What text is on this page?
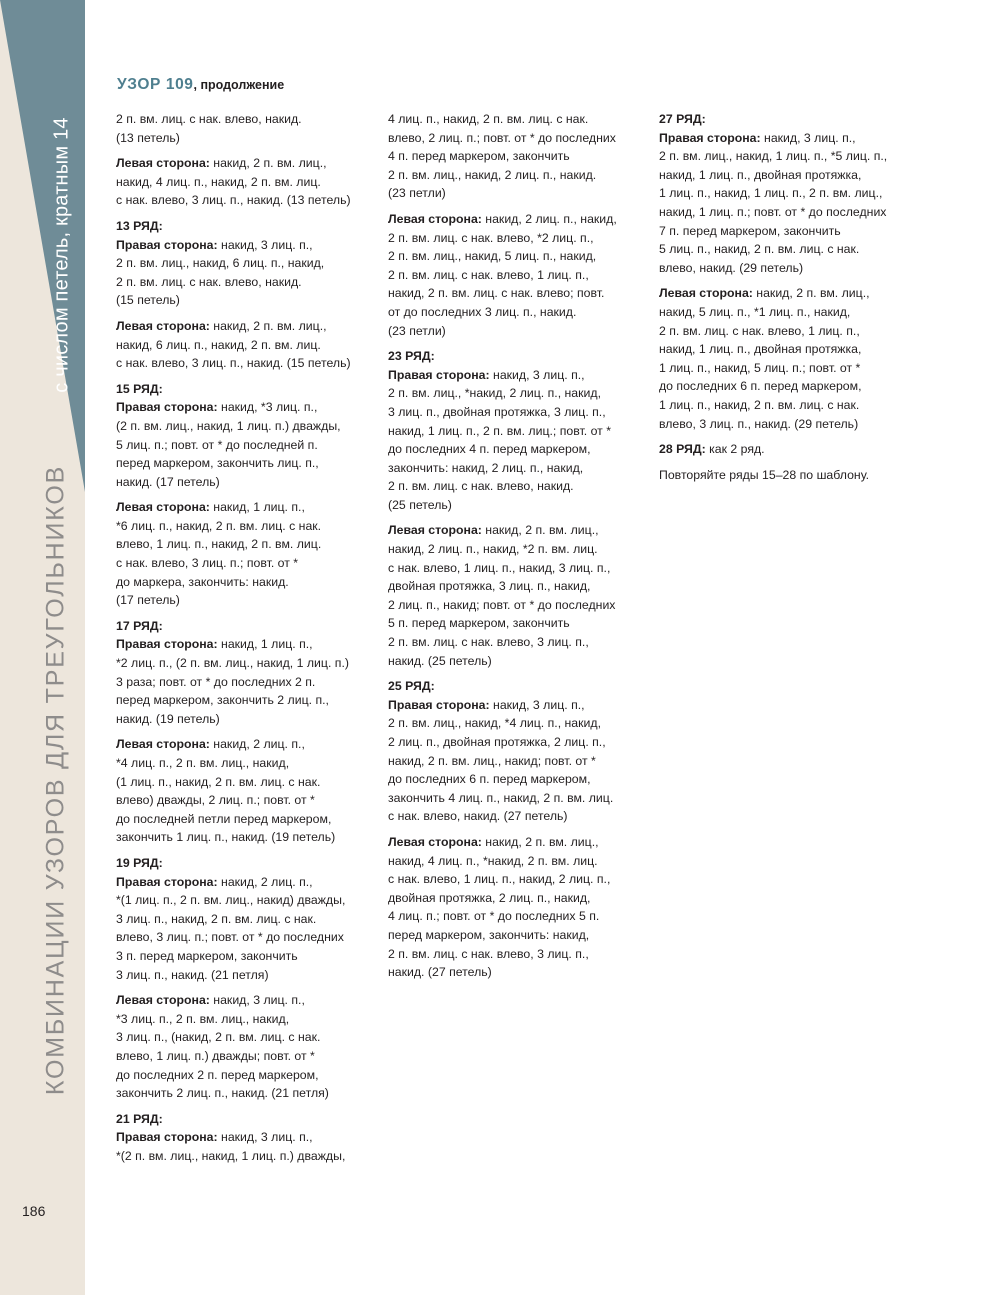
с числом петель, кратным 14
КОМБИНАЦИИ УЗОРОВ ДЛЯ ТРЕУГОЛЬНИКОВ
186
УЗОР 109, продолжение
2 п. вм. лиц. с нак. влево, накид.
(13 петель)
Левая сторона: накид, 2 п. вм. лиц.,
накид, 4 лиц. п., накид, 2 п. вм. лиц.
с нак. влево, 3 лиц. п., накид. (13 петель)
13 РЯД:
Правая сторона: накид, 3 лиц. п.,
2 п. вм. лиц., накид, 6 лиц. п., накид,
2 п. вм. лиц. с нак. влево, накид.
(15 петель)
Левая сторона: накид, 2 п. вм. лиц.,
накид, 6 лиц. п., накид, 2 п. вм. лиц.
с нак. влево, 3 лиц. п., накид. (15 петель)
15 РЯД:
Правая сторона: накид, *3 лиц. п.,
(2 п. вм. лиц., накид, 1 лиц. п.) дважды,
5 лиц. п.; повт. от * до последней п.
перед маркером, закончить лиц. п.,
накид. (17 петель)
Левая сторона: накид, 1 лиц. п.,
*6 лиц. п., накид, 2 п. вм. лиц. с нак.
влево, 1 лиц. п., накид, 2 п. вм. лиц.
с нак. влево, 3 лиц. п.; повт. от *
до маркера, закончить: накид.
(17 петель)
17 РЯД:
Правая сторона: накид, 1 лиц. п.,
*2 лиц. п., (2 п. вм. лиц., накид, 1 лиц. п.)
3 раза; повт. от * до последних 2 п.
перед маркером, закончить 2 лиц. п.,
накид. (19 петель)
Левая сторона: накид, 2 лиц. п.,
*4 лиц. п., 2 п. вм. лиц., накид,
(1 лиц. п., накид, 2 п. вм. лиц. с нак.
влево) дважды, 2 лиц. п.; повт. от *
до последней петли перед маркером,
закончить 1 лиц. п., накид. (19 петель)
19 РЯД:
Правая сторона: накид, 2 лиц. п.,
*(1 лиц. п., 2 п. вм. лиц., накид) дважды,
3 лиц. п., накид, 2 п. вм. лиц. с нак.
влево, 3 лиц. п.; повт. от * до последних
3 п. перед маркером, закончить
3 лиц. п., накид. (21 петля)
Левая сторона: накид, 3 лиц. п.,
*3 лиц. п., 2 п. вм. лиц., накид,
3 лиц. п., (накид, 2 п. вм. лиц. с нак.
влево, 1 лиц. п.) дважды; повт. от *
до последних 2 п. перед маркером,
закончить 2 лиц. п., накид. (21 петля)
21 РЯД:
Правая сторона: накид, 3 лиц. п.,
*(2 п. вм. лиц., накид, 1 лиц. п.) дважды,
4 лиц. п., накид, 2 п. вм. лиц. с нак.
влево, 2 лиц. п.; повт. от * до последних
4 п. перед маркером, закончить
2 п. вм. лиц., накид, 2 лиц. п., накид.
(23 петли)
Левая сторона: накид, 2 лиц. п., накид,
2 п. вм. лиц. с нак. влево, *2 лиц. п.,
2 п. вм. лиц., накид, 5 лиц. п., накид,
2 п. вм. лиц. с нак. влево, 1 лиц. п.,
накид, 2 п. вм. лиц. с нак. влево; повт.
от до последних 3 лиц. п., накид.
(23 петли)
23 РЯД:
Правая сторона: накид, 3 лиц. п.,
2 п. вм. лиц., *накид, 2 лиц. п., накид,
3 лиц. п., двойная протяжка, 3 лиц. п.,
накид, 1 лиц. п., 2 п. вм. лиц.; повт. от *
до последних 4 п. перед маркером,
закончить: накид, 2 лиц. п., накид,
2 п. вм. лиц. с нак. влево, накид.
(25 петель)
Левая сторона: накид, 2 п. вм. лиц.,
накид, 2 лиц. п., накид, *2 п. вм. лиц.
с нак. влево, 1 лиц. п., накид, 3 лиц. п.,
двойная протяжка, 3 лиц. п., накид,
2 лиц. п., накид; повт. от * до последних
5 п. перед маркером, закончить
2 п. вм. лиц. с нак. влево, 3 лиц. п.,
накид. (25 петель)
25 РЯД:
Правая сторона: накид, 3 лиц. п.,
2 п. вм. лиц., накид, *4 лиц. п., накид,
2 лиц. п., двойная протяжка, 2 лиц. п.,
накид, 2 п. вм. лиц., накид; повт. от *
до последних 6 п. перед маркером,
закончить 4 лиц. п., накид, 2 п. вм. лиц.
с нак. влево, накид. (27 петель)
Левая сторона: накид, 2 п. вм. лиц.,
накид, 4 лиц. п., *накид, 2 п. вм. лиц.
с нак. влево, 1 лиц. п., накид, 2 лиц. п.,
двойная протяжка, 2 лиц. п., накид,
4 лиц. п.; повт. от * до последних 5 п.
перед маркером, закончить: накид,
2 п. вм. лиц. с нак. влево, 3 лиц. п.,
накид. (27 петель)
27 РЯД:
Правая сторона: накид, 3 лиц. п.,
2 п. вм. лиц., накид, 1 лиц. п., *5 лиц. п.,
накид, 1 лиц. п., двойная протяжка,
1 лиц. п., накид, 1 лиц. п., 2 п. вм. лиц.,
накид, 1 лиц. п.; повт. от * до последних
7 п. перед маркером, закончить
5 лиц. п., накид, 2 п. вм. лиц. с нак.
влево, накид. (29 петель)
Левая сторона: накид, 2 п. вм. лиц.,
накид, 5 лиц. п., *1 лиц. п., накид,
2 п. вм. лиц. с нак. влево, 1 лиц. п.,
накид, 1 лиц. п., двойная протяжка,
1 лиц. п., накид, 5 лиц. п.; повт. от *
до последних 6 п. перед маркером,
1 лиц. п., накид, 2 п. вм. лиц. с нак.
влево, 3 лиц. п., накид. (29 петель)
28 РЯД: как 2 ряд.
Повторяйте ряды 15–28 по шаблону.
